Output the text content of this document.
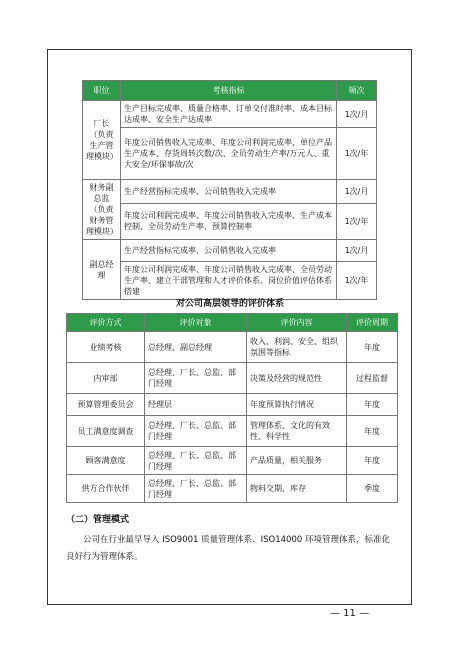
职位	考核指标	频次
厂长（负责生产管理模块）	生产目标完成率、质量合格率、订单交付准时率、成本目标达成率、安全生产达成率	1次/月
	年度公司销售收入完成率、年度公司利润完成率、单位产品生产成本、存货周转次数/次、全员劳动生产率/万元人、重大安全/环保事故/次	1次/年
财务副总监（负责财务管理模块）	生产经营指标完成率、公司销售收入完成率	1次/月
	年度公司利润完成率、年度公司销售收入完成率、生产成本控制、全员劳动生产率、预算控制率	1次/年
副总经理	生产经营指标完成率、公司销售收入完成率	1次/月
	年度公司利润完成率、年度公司销售收入完成率、全员劳动生产率、建立干部管理和人才评价体系、岗位价值评估体系搭建	1次/年
对公司高层领导的评价体系
评价方式	评价对象	评价内容	评价周期
业绩考核	总经理、副总经理	收入、利润、安全、组织氛围等指标	年度
内审部	总经理、厂长、总监、部门经理	决策及经营的规范性	过程监督
预算管理委员会	经理层	年度预算执行情况	年度
员工满意度调查	总经理、厂长、总监、部门经理	管理体系、文化的有效性、科学性	年度
顾客满意度	总经理、厂长、总监、部门经理	产品质量，相关服务	年度
供方合作伙伴	总经理、厂长、总监、部门经理	物料交期、库存	季度
（二）管理模式
公司在行业最早导入 ISO9001 质量管理体系、ISO14000 环境管理体系，标准化良好行为管理体系。
— 11 —
